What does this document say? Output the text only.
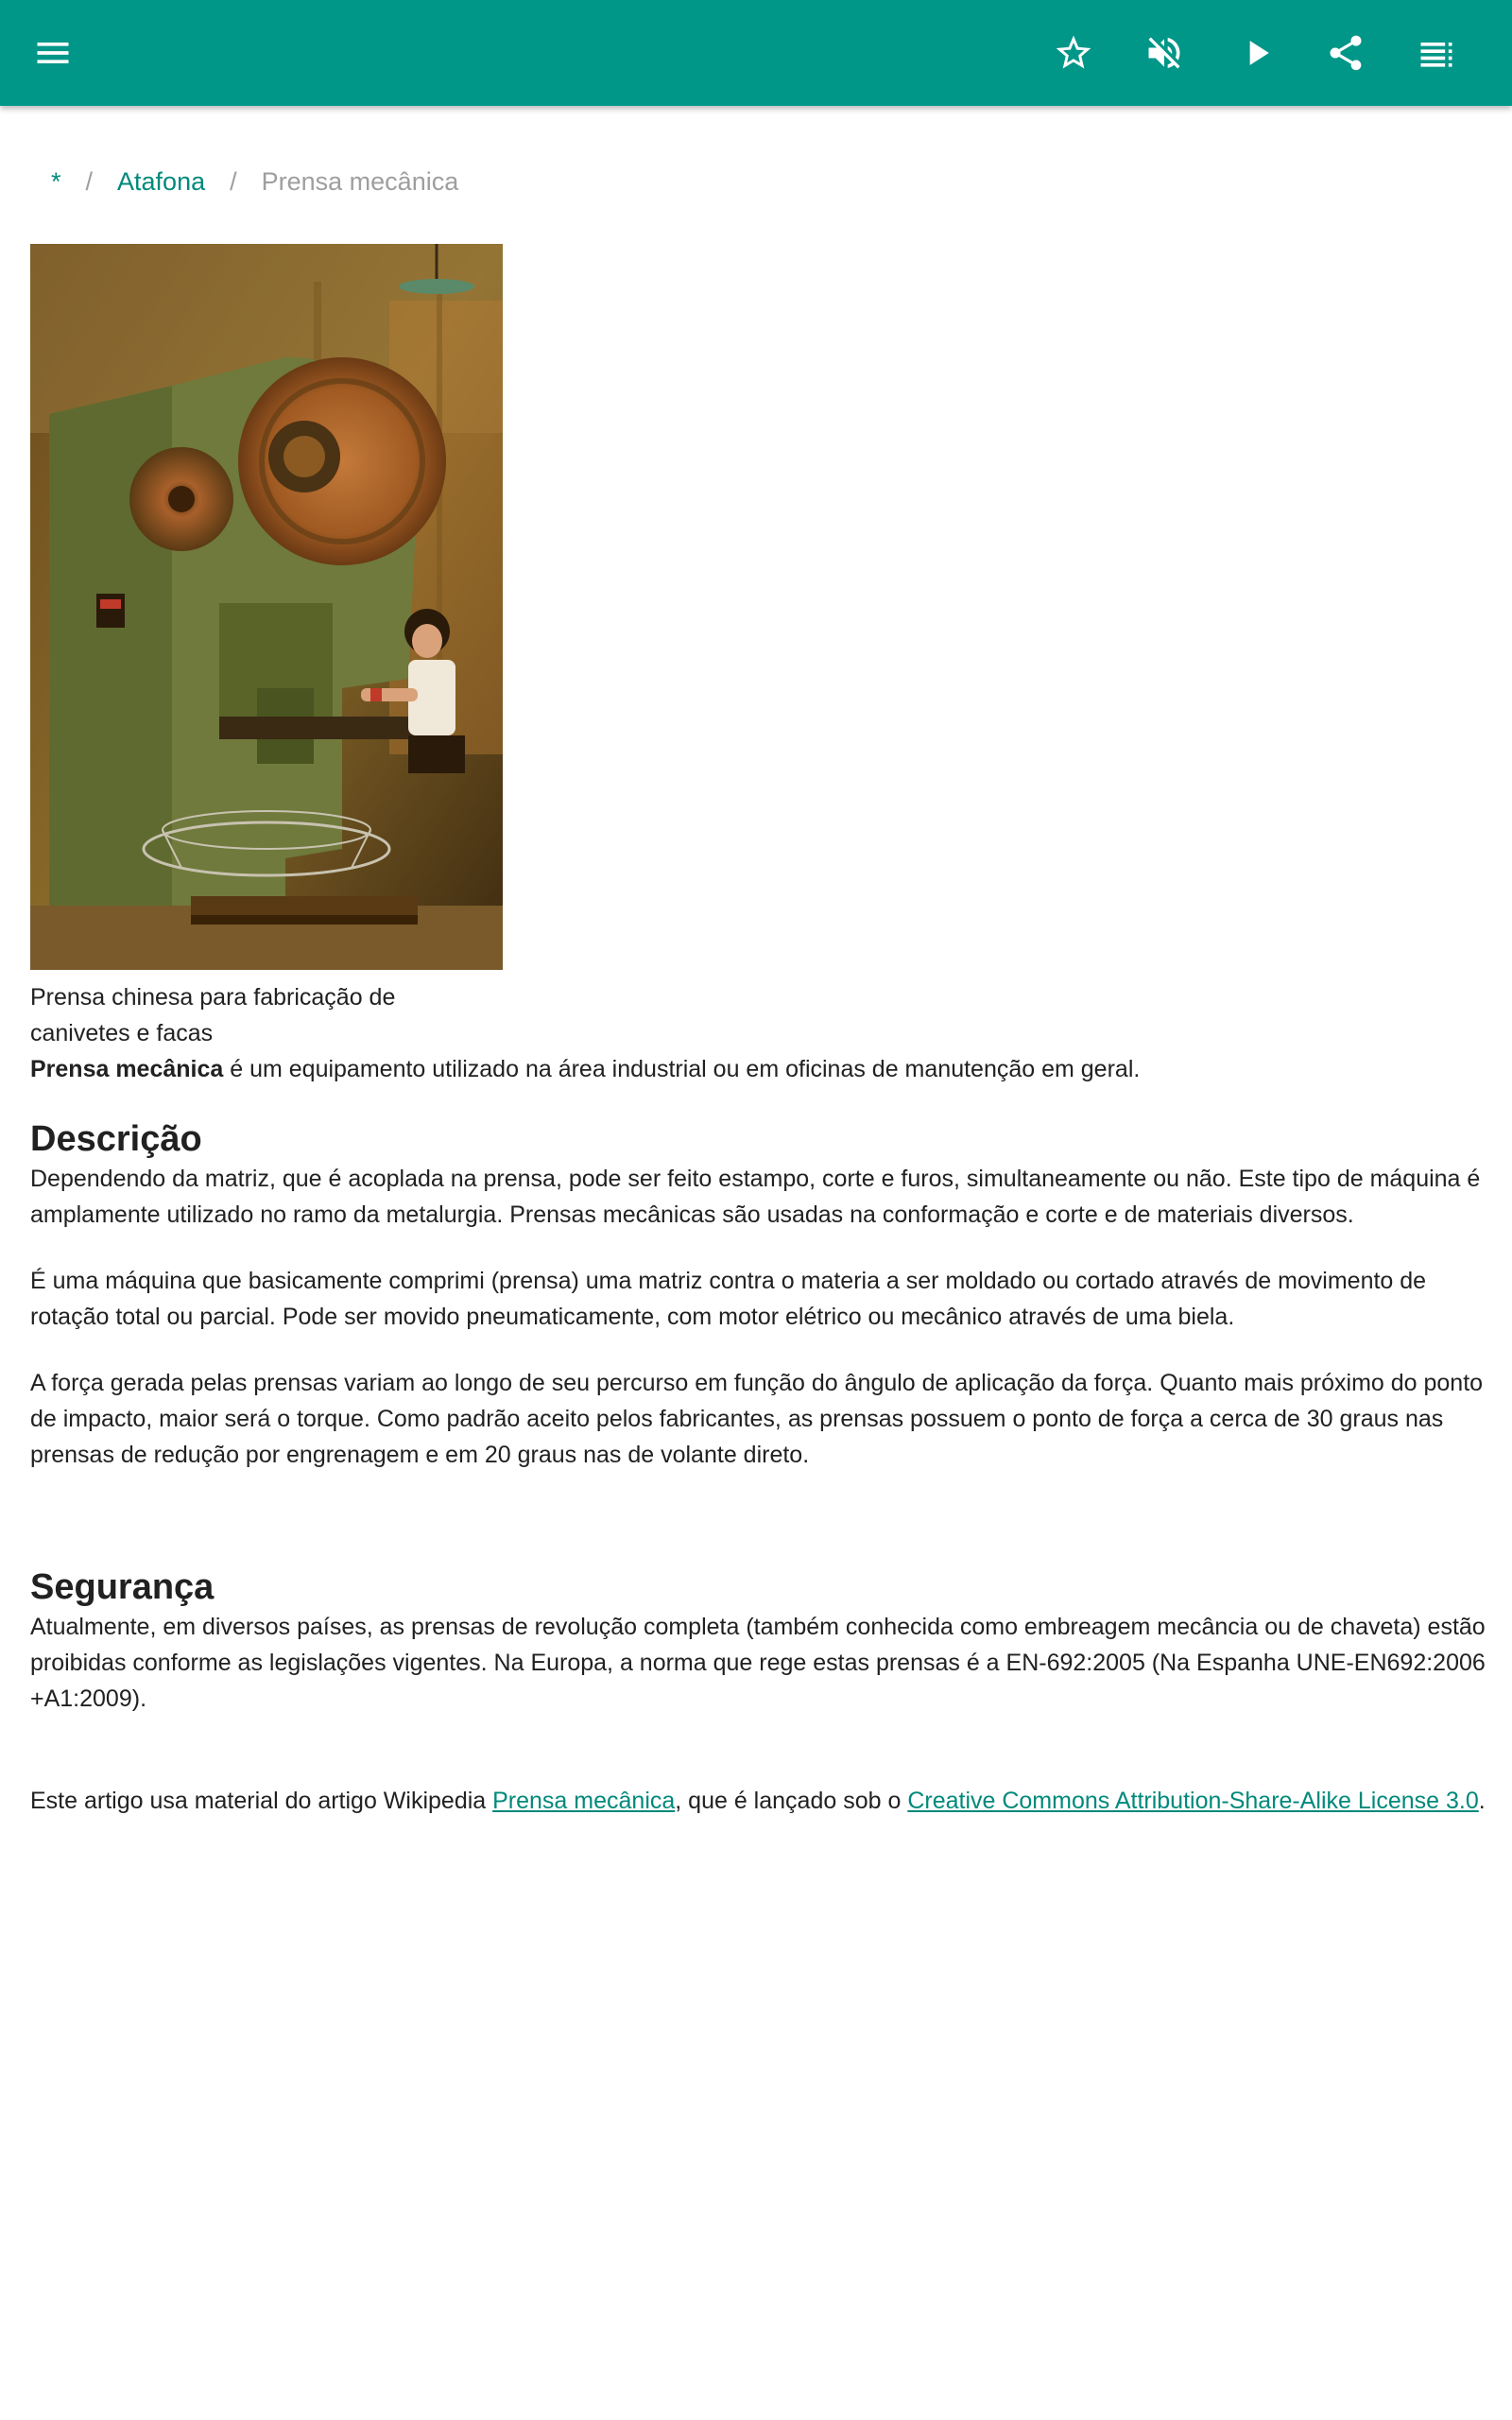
* / Atafona / Prensa mecânica
Prensa chinesa para fabricação de canivetes e facas

Prensa mecânica é um equipamento utilizado na área industrial ou em oficinas de manutenção em geral.

Descrição

Dependendo da matriz, que é acoplada na prensa, pode ser feito estampo, corte e furos, simultaneamente ou não. Este tipo de máquina é amplamente utilizado no ramo da metalurgia. Prensas mecânicas são usadas na conformação e corte e de materiais diversos.

É uma máquina que basicamente comprimi (prensa) uma matriz contra o materia a ser moldado ou cortado através de movimento de rotação total ou parcial. Pode ser movido pneumaticamente, com motor elétrico ou mecânico através de uma biela.

A força gerada pelas prensas variam ao longo de seu percurso em função do ângulo de aplicação da força. Quanto mais próximo do ponto de impacto, maior será o torque. Como padrão aceito pelos fabricantes, as prensas possuem o ponto de força a cerca de 30 graus nas prensas de redução por engrenagem e em 20 graus nas de volante direto.

Segurança

Atualmente, em diversos países, as prensas de revolução completa (também conhecida como embreagem mecância ou de chaveta) estão proibidas conforme as legislações vigentes. Na Europa, a norma que rege estas prensas é a EN-692:2005 (Na Espanha UNE-EN692:2006 +A1:2009).

Este artigo usa material do artigo Wikipedia Prensa mecânica, que é lançado sob o Creative Commons Attribution-Share-Alike License 3.0.
